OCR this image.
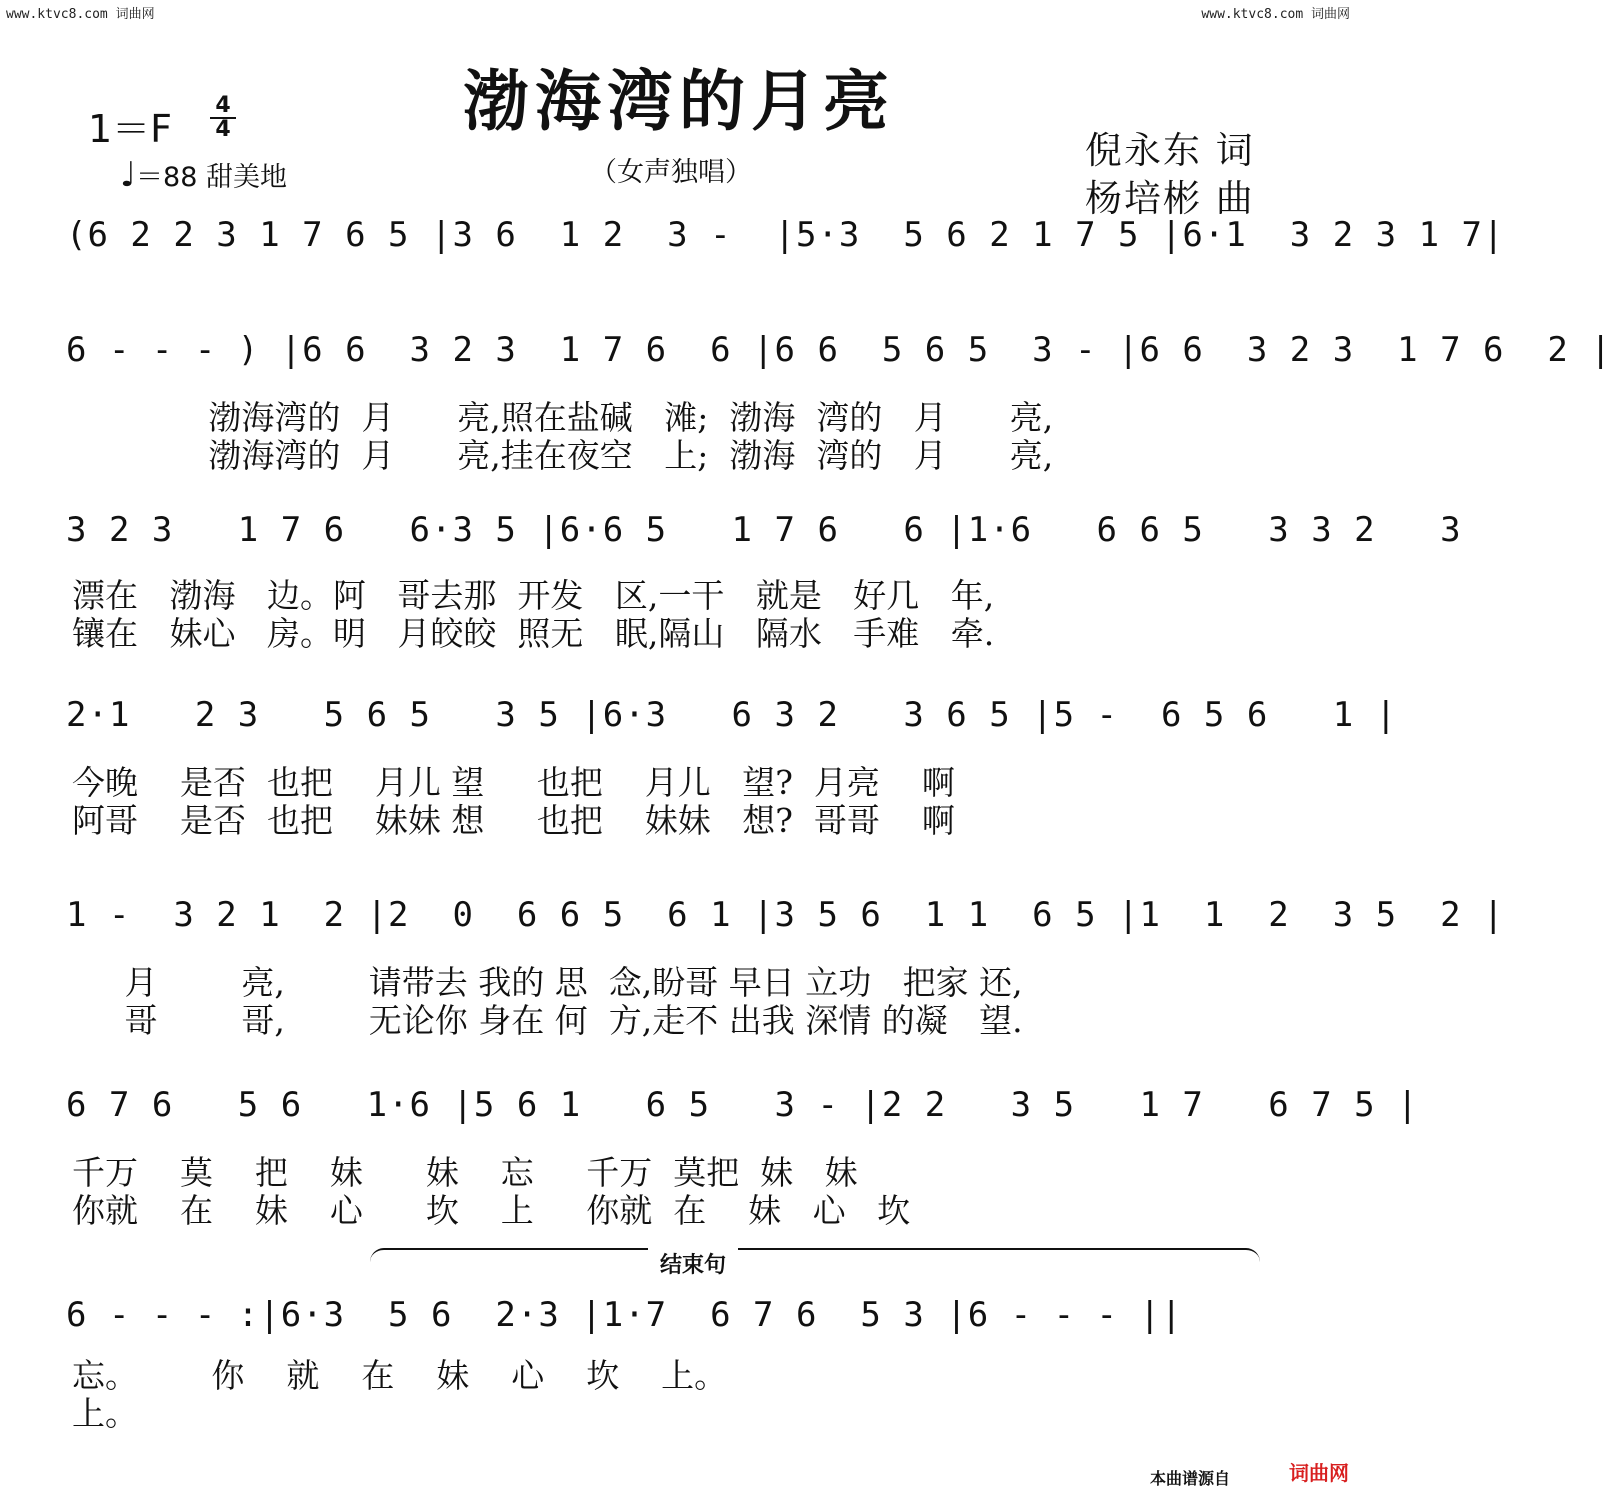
www.ktvc8.com 词曲网	www.ktvc8.com 词曲网
渤海湾的月亮
（女声独唱）
1＝F
4
4
♩＝88 甜美地
倪永东 词
杨培彬 曲
(6 2 2 3 1 7 6 5 |3 6  1 2  3 -  |5·3  5 6 2 1 7 5 |6·1  3 2 3 1 7|
6 - - - ) |6 6  3 2 3  1 7 6  6 |6 6  5 6 5  3 - |6 6  3 2 3  1 7 6  2 |
渤海湾的  月      亮,照在盐碱   滩;  渤海  湾的   月      亮,
渤海湾的  月      亮,挂在夜空   上;  渤海  湾的   月      亮,
3 2 3   1 7 6   6·3 5 |6·6 5   1 7 6   6 |1·6   6 6 5   3 3 2   3
漂在   渤海   边。阿   哥去那  开发   区,一干   就是   好几   年,
镶在   妹心   房。明   月皎皎  照无   眠,隔山   隔水   手难   牵.
2·1   2 3   5 6 5   3 5 |6·3   6 3 2   3 6 5 |5 -  6 5 6   1 |
今晚    是否  也把    月儿 望     也把    月儿   望?  月亮    啊
阿哥    是否  也把    妹妹 想     也把    妹妹   想?  哥哥    啊
1 -  3 2 1  2 |2  0  6 6 5  6 1 |3 5 6  1 1  6 5 |1  1  2  3 5  2 |
月        亮,        请带去 我的 思  念,盼哥 早日 立功   把家 还,
哥        哥,        无论你 身在 何  方,走不 出我 深情 的凝   望.
6 7 6   5 6   1·6 |5 6 1   6 5   3 - |2 2   3 5   1 7   6 7 5 |
千万    莫    把    妹      妹    忘     千万  莫把  妹   妹
你就    在    妹    心      坎    上     你就  在    妹   心   坎
6 - - - :|6·3  5 6  2·3 |1·7  6 7 6  5 3 |6 - - - ||
忘。       你    就    在    妹    心    坎    上。
上。
结束句
本曲谱源自	词曲网
